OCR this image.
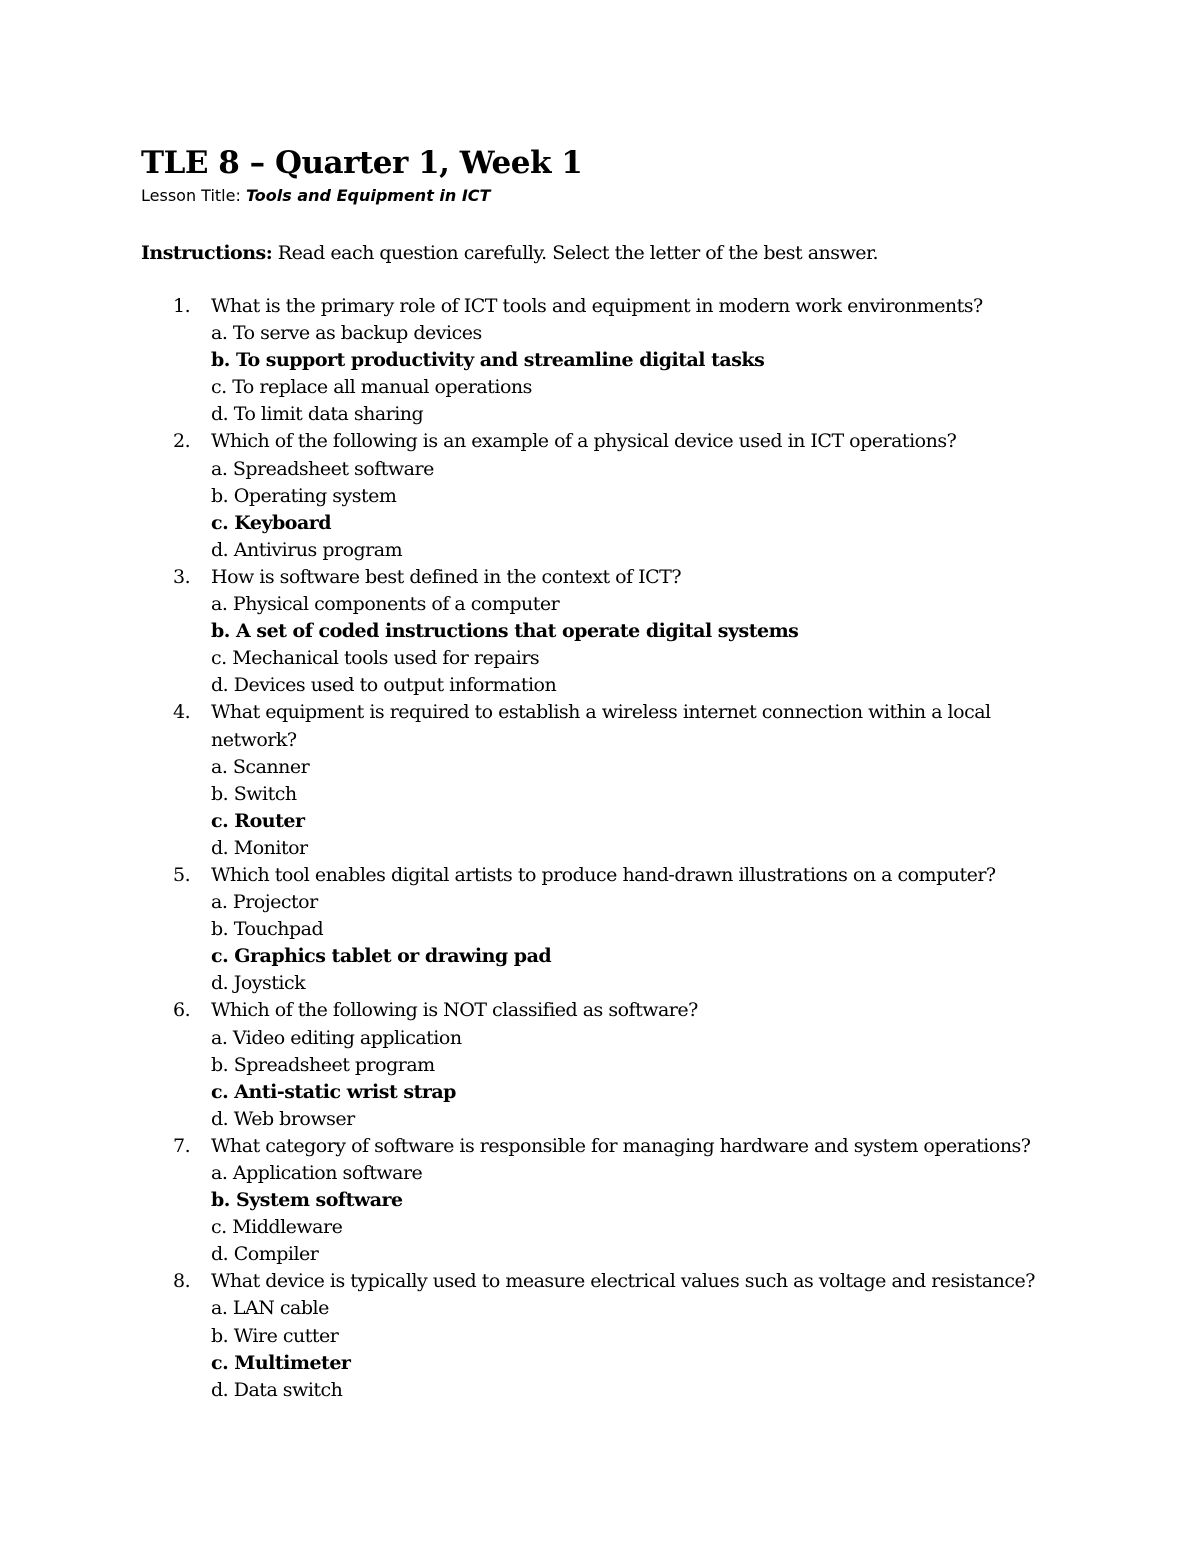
TLE 8 – Quarter 1, Week 1
Lesson Title: Tools and Equipment in ICT
Instructions: Read each question carefully. Select the letter of the best answer.
1. What is the primary role of ICT tools and equipment in modern work environments?
a. To serve as backup devices
b. To support productivity and streamline digital tasks
c. To replace all manual operations
d. To limit data sharing
2. Which of the following is an example of a physical device used in ICT operations?
a. Spreadsheet software
b. Operating system
c. Keyboard
d. Antivirus program
3. How is software best defined in the context of ICT?
a. Physical components of a computer
b. A set of coded instructions that operate digital systems
c. Mechanical tools used for repairs
d. Devices used to output information
4. What equipment is required to establish a wireless internet connection within a local network?
a. Scanner
b. Switch
c. Router
d. Monitor
5. Which tool enables digital artists to produce hand-drawn illustrations on a computer?
a. Projector
b. Touchpad
c. Graphics tablet or drawing pad
d. Joystick
6. Which of the following is NOT classified as software?
a. Video editing application
b. Spreadsheet program
c. Anti-static wrist strap
d. Web browser
7. What category of software is responsible for managing hardware and system operations?
a. Application software
b. System software
c. Middleware
d. Compiler
8. What device is typically used to measure electrical values such as voltage and resistance?
a. LAN cable
b. Wire cutter
c. Multimeter
d. Data switch
